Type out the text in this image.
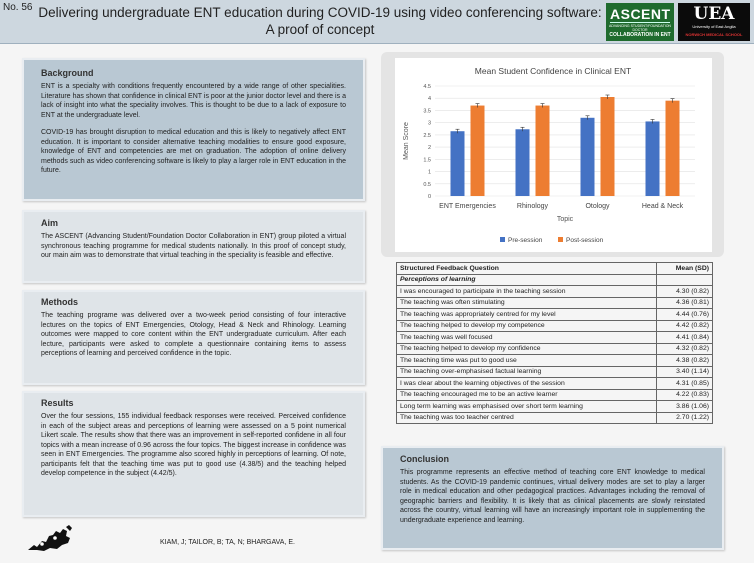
No. 56 Delivering undergraduate ENT education during COVID-19 using video conferencing software:
A proof of concept
ASCENT
ADVANCING STUDENT/FOUNDATION DOCTOR
COLLABORATION IN ENT
UEA
University of East Anglia
NORWICH MEDICAL SCHOOL
Background

ENT is a specialty with conditions frequently encountered by a wide range of other specialities. Literature has shown that confidence in clinical ENT is poor at the junior doctor level and there is a lack of insight into what the speciality involves. This is thought to be due to a lack of exposure to ENT at the undergraduate level.

COVID-19 has brought disruption to medical education and this is likely to negatively affect ENT education. It is important to consider alternative teaching modalities to ensure good exposure, knowledge of ENT and competencies are met on graduation. The adoption of online delivery methods such as video conferencing software is likely to play a larger role in ENT education in the future.

Aim

The ASCENT (Advancing Student/Foundation Doctor Collaboration in ENT) group piloted a virtual synchronous teaching programme for medical students nationally. In this proof of concept study, our main aim was to demonstrate that virtual teaching in the speciality is feasible and effective.

Methods

The teaching programe was delivered over a two-week period consisting of four interactive lectures on the topics of ENT Emergencies, Otology, Head & Neck and Rhinology. Learning outcomes were mapped to core content within the ENT undergraduate curriculum. After each lecture, participants were asked to complete a questionnaire containing items to assess perceptions of learning and perceived confidence in the topic.

Results

Over the four sessions, 155 individual feedback responses were received. Perceived confidence in each of the subject areas and perceptions of learning were assessed on a 5 point numerical Likert scale. The results show that there was an improvement in self-reported confidene in all four topics with a mean increase of 0.96 across the four topics. The biggest increase in confidence was seen in ENT Emergencies. The programme also scored highly in perceptions of learning. Of note, participants felt that the teaching time was put to good use (4.38/5) and the teaching helped develop competence in the subject (4.42/5).

KIAM, J; TAILOR, B; TA, N; BHARGAVA, E.
Mean Student Confidence in Clinical ENT
0
0.5
1
1.5
2
2.5
3
3.5
4
4.5
Mean Score
ENT Emergencies	Rhinology	Otology	Head & Neck
Topic
Pre-session	Post-session
Structured Feedback Question	Mean (SD)
Perceptions of learning	
I was encouraged to participate in the teaching session	4.30 (0.82)
The teaching was often stimulating	4.36 (0.81)
The teaching was appropriately centred for my level	4.44 (0.76)
The teaching helped to develop my competence	4.42 (0.82)
The teaching was well focused	4.41 (0.84)
The teaching helped to develop my confidence	4.32 (0.82)
The teaching time was put to good use	4.38 (0.82)
The teaching over-emphasised factual learning	3.40 (1.14)
I was clear about the learning objectives of the session	4.31 (0.85)
The teaching encouraged me to be an active learner	4.22 (0.83)
Long term learning was emphasised over short term learning	3.86 (1.06)
The teaching was too teacher centred	2.70 (1.22)
Conclusion

This programme represents an effective method of teaching core ENT knowledge to medical students. As the COVID-19 pandemic continues, virtual delivery modes are set to play a larger role in medical education and other pedagogical practices. Advantages including the removal of geographic barriers and flexibility. It is likely that as clinical placements are slowly reinstated across the country, virtual learning will have an increasingly important role in supplementing the undergraduate experience and learning.
